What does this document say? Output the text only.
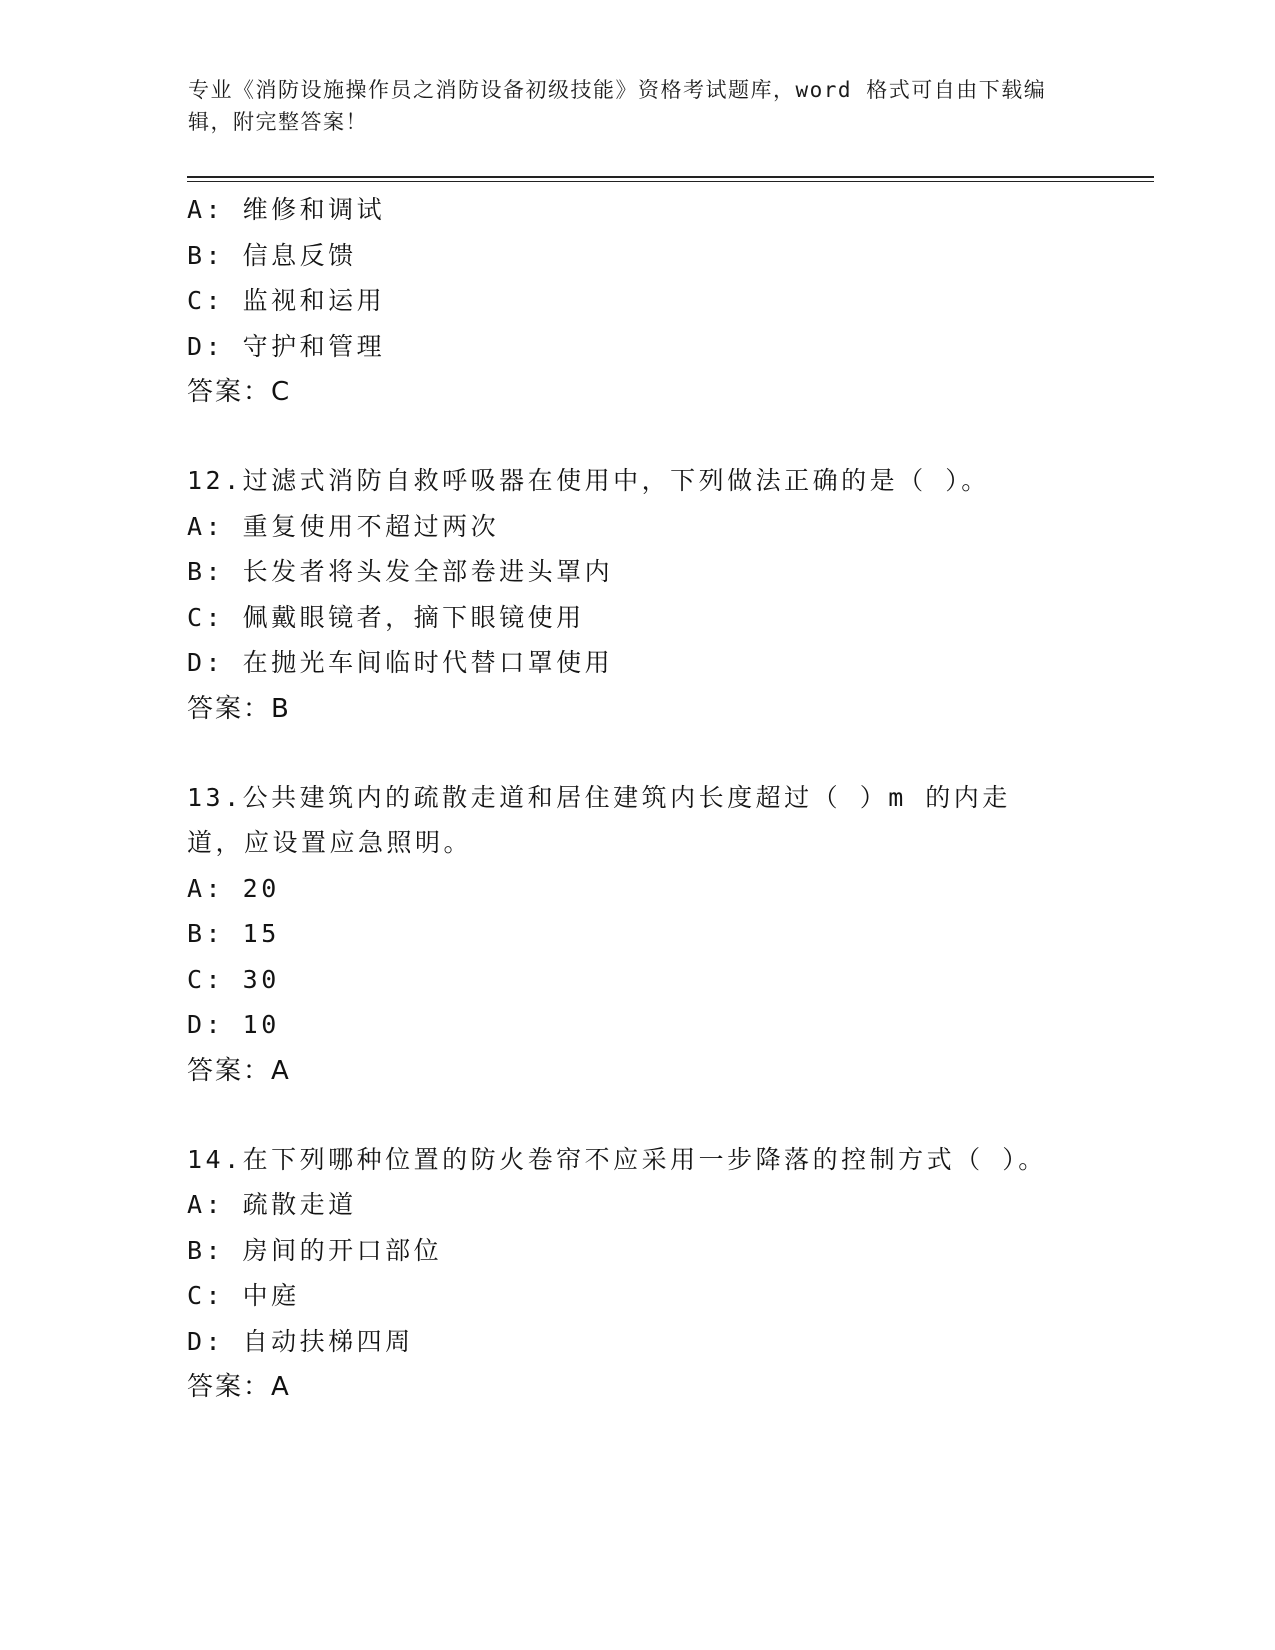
专业《消防设施操作员之消防设备初级技能》资格考试题库，word 格式可自由下载编辑，附完整答案！
A: 维修和调试
B: 信息反馈
C: 监视和运用
D: 守护和管理
答案：C
12.过滤式消防自救呼吸器在使用中，下列做法正确的是（ ）。
A: 重复使用不超过两次
B: 长发者将头发全部卷进头罩内
C: 佩戴眼镜者，摘下眼镜使用
D: 在抛光车间临时代替口罩使用
答案：B
13.公共建筑内的疏散走道和居住建筑内长度超过（ ）m 的内走道，应设置应急照明。
A: 20
B: 15
C: 30
D: 10
答案：A
14.在下列哪种位置的防火卷帘不应采用一步降落的控制方式（ ）。
A: 疏散走道
B: 房间的开口部位
C: 中庭
D: 自动扶梯四周
答案：A
